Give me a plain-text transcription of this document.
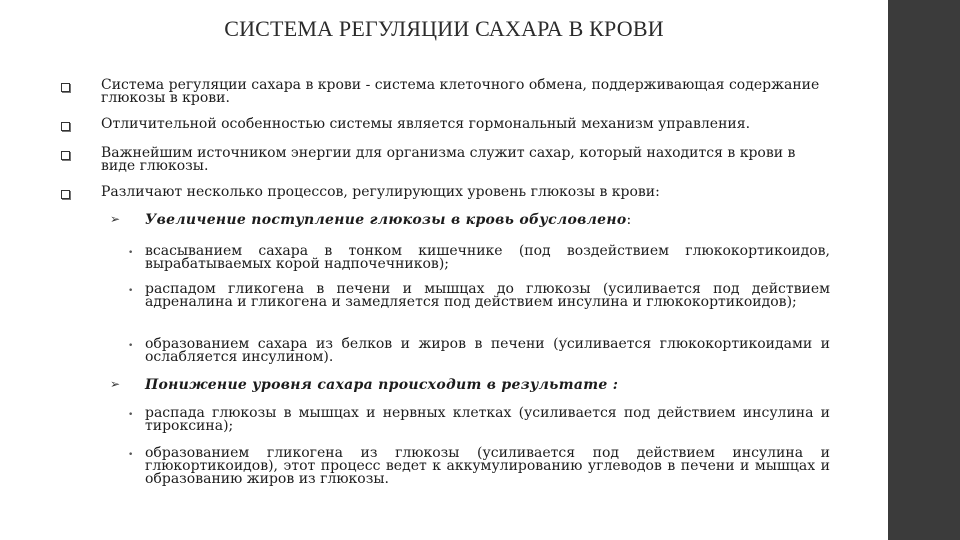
СИСТЕМА РЕГУЛЯЦИИ САХАРА В КРОВИ
Система регуляции сахара в крови - система клеточного обмена, поддерживающая содержание глюкозы в крови.
Отличительной особенностью системы является гормональный механизм управления.
Важнейшим источником энергии для организма служит сахар, который находится в крови в виде глюкозы.
Различают несколько процессов, регулирующих уровень глюкозы в крови:
➢ Увеличение поступление глюкозы в кровь обусловлено:
• всасыванием сахара в тонком кишечнике (под воздействием глюкокортикоидов, вырабатываемых корой надпочечников);
• распадом гликогена в печени и мышцах до глюкозы (усиливается под действием адреналина и гликогена и замедляется под действием инсулина и глюкокортикоидов);
• образованием сахара из белков и жиров в печени (усиливается глюкокортикоидами и ослабляется инсулином).
➢ Понижение уровня сахара происходит в результате :
• распада глюкозы в мышцах и нервных клетках (усиливается под действием инсулина и тироксина);
• образованием гликогена из глюкозы (усиливается под действием инсулина и глюкортикоидов), этот процесс ведет к аккумулированию углеводов в печени и мышцах и образованию жиров из глюкозы.
